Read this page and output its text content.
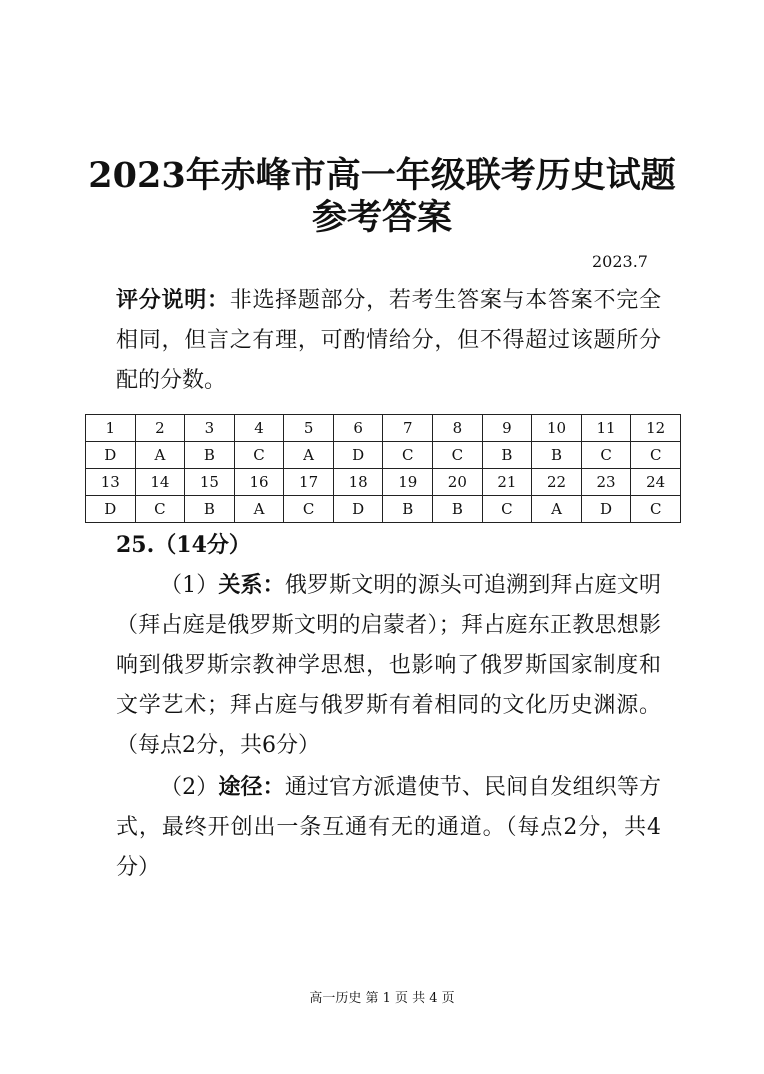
2023年赤峰市高一年级联考历史试题
参考答案
2023.7
评分说明：非选择题部分，若考生答案与本答案不完全相同，但言之有理，可酌情给分，但不得超过该题所分配的分数。
1	2	3	4	5	6	7	8	9	10	11	12
D	A	B	C	A	D	C	C	B	B	C	C
13	14	15	16	17	18	19	20	21	22	23	24
D	C	B	A	C	D	B	B	C	A	D	C
25.（14分）
（1）关系：俄罗斯文明的源头可追溯到拜占庭文明（拜占庭是俄罗斯文明的启蒙者）；拜占庭东正教思想影响到俄罗斯宗教神学思想，也影响了俄罗斯国家制度和文学艺术；拜占庭与俄罗斯有着相同的文化历史渊源。（每点2分，共6分）
（2）途径：通过官方派遣使节、民间自发组织等方式，最终开创出一条互通有无的通道。（每点2分，共4分）
高一历史 第 1 页 共 4 页
